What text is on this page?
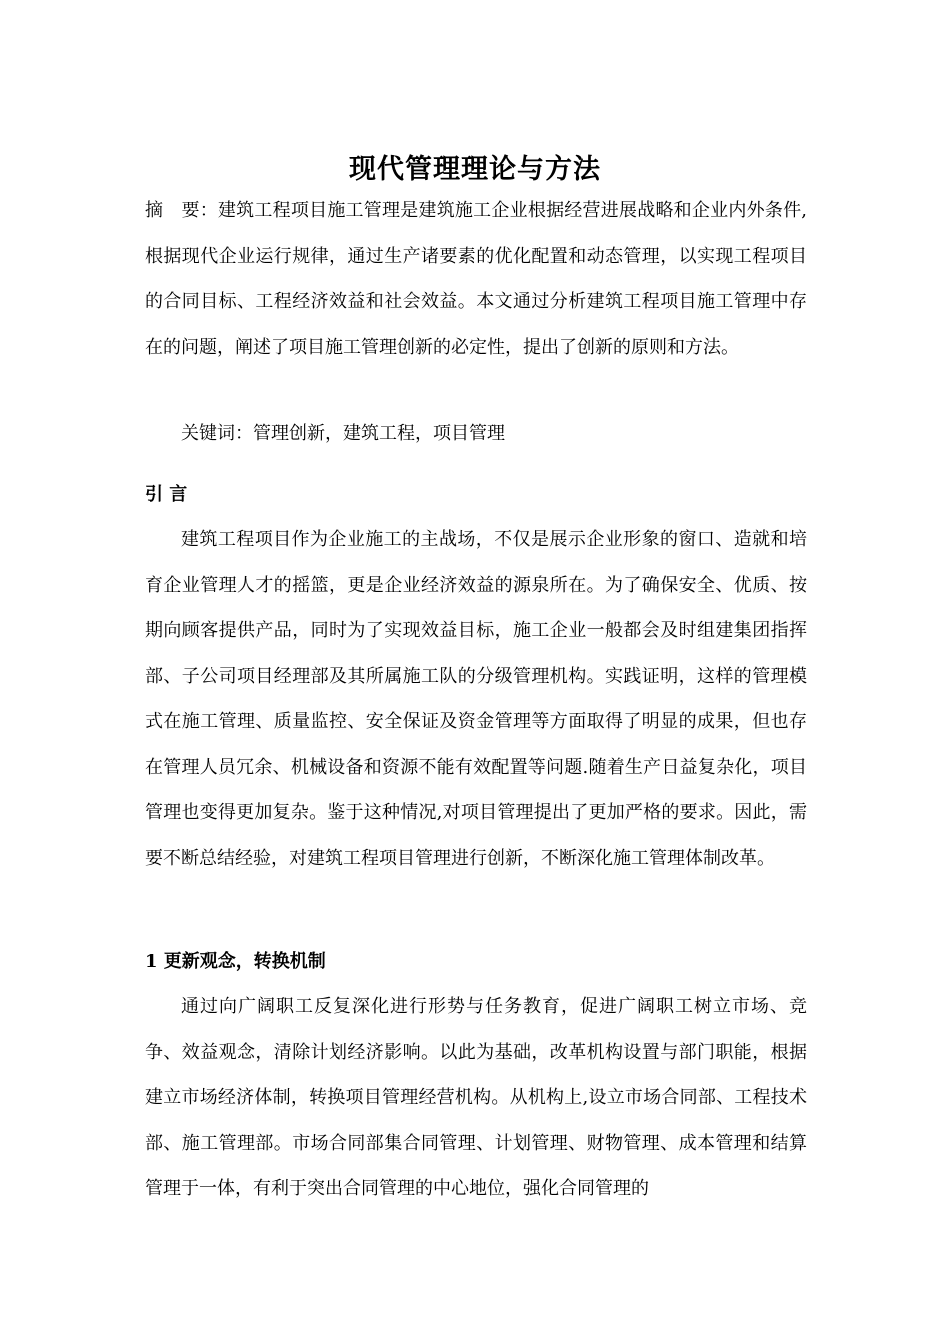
现代管理理论与方法

摘 要：建筑工程项目施工管理是建筑施工企业根据经营进展战略和企业内外条件,根据现代企业运行规律，通过生产诸要素的优化配置和动态管理，以实现工程项目的合同目标、工程经济效益和社会效益。本文通过分析建筑工程项目施工管理中存在的问题，阐述了项目施工管理创新的必定性，提出了创新的原则和方法。

关键词：管理创新，建筑工程，项目管理

引 言

建筑工程项目作为企业施工的主战场，不仅是展示企业形象的窗口、造就和培育企业管理人才的摇篮，更是企业经济效益的源泉所在。为了确保安全、优质、按期向顾客提供产品，同时为了实现效益目标，施工企业一般都会及时组建集团指挥部、子公司项目经理部及其所属施工队的分级管理机构。实践证明，这样的管理模式在施工管理、质量监控、安全保证及资金管理等方面取得了明显的成果，但也存在管理人员冗余、机械设备和资源不能有效配置等问题.随着生产日益复杂化，项目管理也变得更加复杂。鉴于这种情况,对项目管理提出了更加严格的要求。因此，需要不断总结经验，对建筑工程项目管理进行创新，不断深化施工管理体制改革。

1 更新观念，转换机制

通过向广阔职工反复深化进行形势与任务教育，促进广阔职工树立市场、竞争、效益观念，清除计划经济影响。以此为基础，改革机构设置与部门职能，根据建立市场经济体制，转换项目管理经营机构。从机构上,设立市场合同部、工程技术部、施工管理部。市场合同部集合同管理、计划管理、财物管理、成本管理和结算管理于一体，有利于突出合同管理的中心地位，强化合同管理的
